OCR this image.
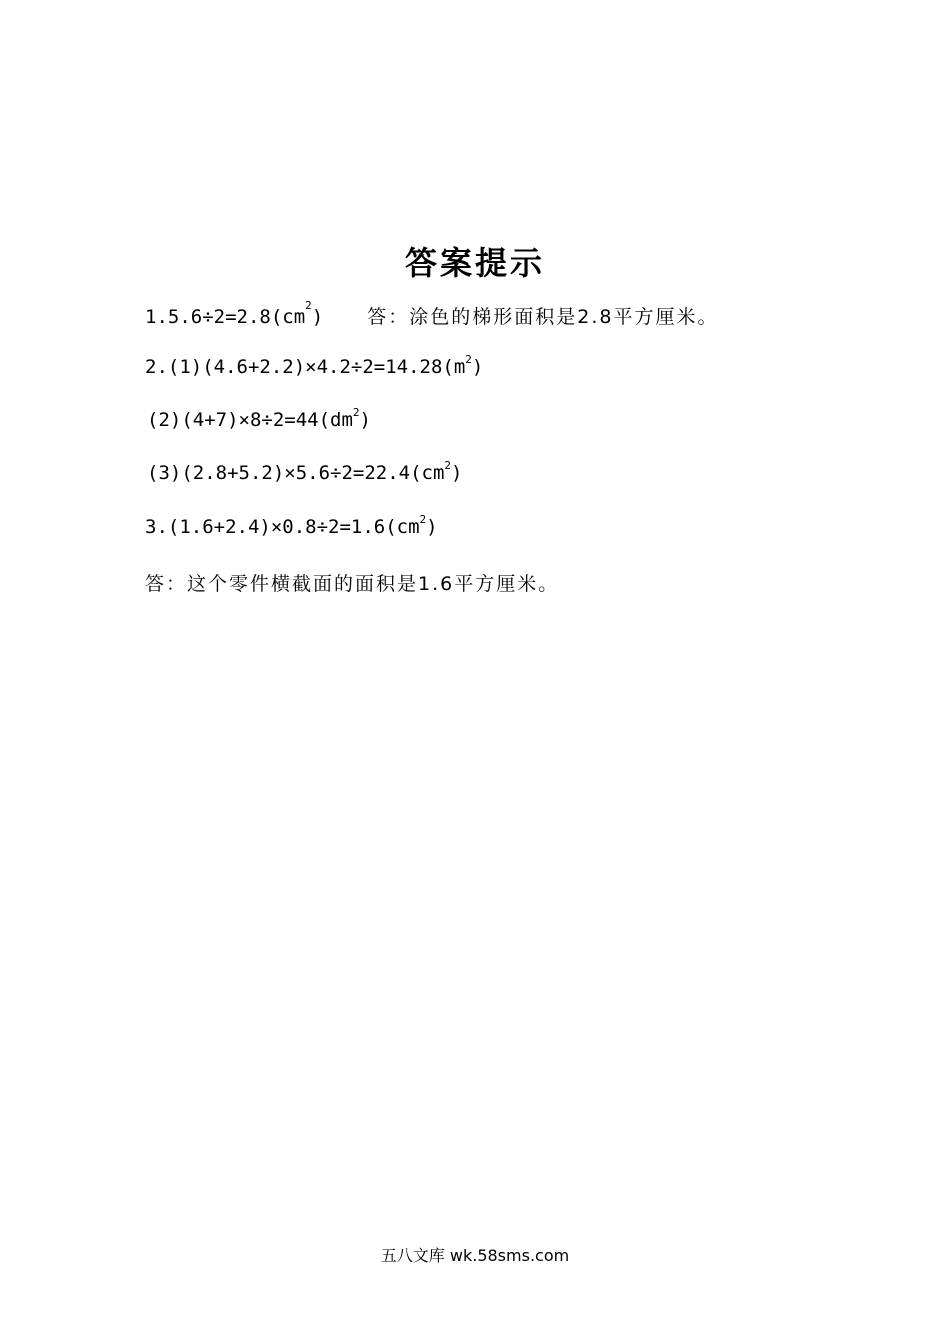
答案提示
$1.5.6\div 2=2.8(cm^2)$ 答：涂色的梯形面积是2.8平方厘米。
$2.(1)(4.6+2.2)\times 4.2\div 2=14.28(m^2)$
$(2)(4+7)\times 8\div 2=44(dm^2)$
$(3)(2.8+5.2)\times 5.6\div 2=22.4(cm^2)$
$3.(1.6+2.4)\times 0.8\div 2=1.6(cm^2)$
答：这个零件横截面的面积是1.6平方厘米。
五八文库 wk.58sms.com
